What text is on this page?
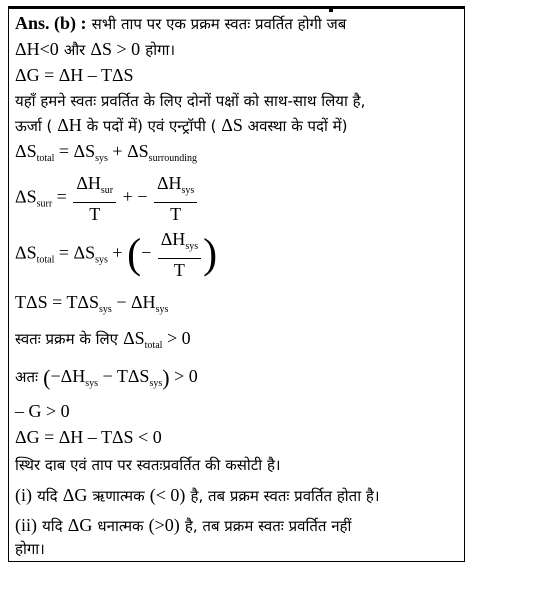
Ans. (b) : सभी ताप पर एक प्रक्रम स्वतः प्रवर्तित होगी जब
ΔH<0 और ΔS > 0 होगा।
ΔG = ΔH – TΔS
यहाँ हमने स्वतः प्रवर्तित के लिए दोनों पक्षों को साथ-साथ लिया है,
ऊर्जा ( ΔH के पदों में) एवं एन्ट्रॉपी ( ΔS अवस्था के पदों में)
$\Delta S_{total} = \Delta S_{sys} + \Delta S_{surrounding}$
$\Delta S_{surr} = \frac{\Delta H_{sur}}{T}$ + − $\frac{\Delta H_{sys}}{T}$
$\Delta S_{total} = \Delta S_{sys}$ + (− $\frac{\Delta H_{sys}}{T}$ )
$T\Delta S = T\Delta S_{sys} - \Delta H_{sys}$
स्वतः प्रक्रम के लिए $\Delta S_{total} > 0$
अतः $(-\Delta H_{sys} - T\Delta S_{sys}) > 0$
– G > 0
ΔG = ΔH – TΔS < 0
स्थिर दाब एवं ताप पर स्वतःप्रवर्तित की कसोटी है।
(i) यदि ΔG ऋणात्मक (< 0) है, तब प्रक्रम स्वतः प्रवर्तित होता है।
(ii) यदि ΔG धनात्मक (>0) है, तब प्रक्रम स्वतः प्रवर्तित नहीं
होगा।
